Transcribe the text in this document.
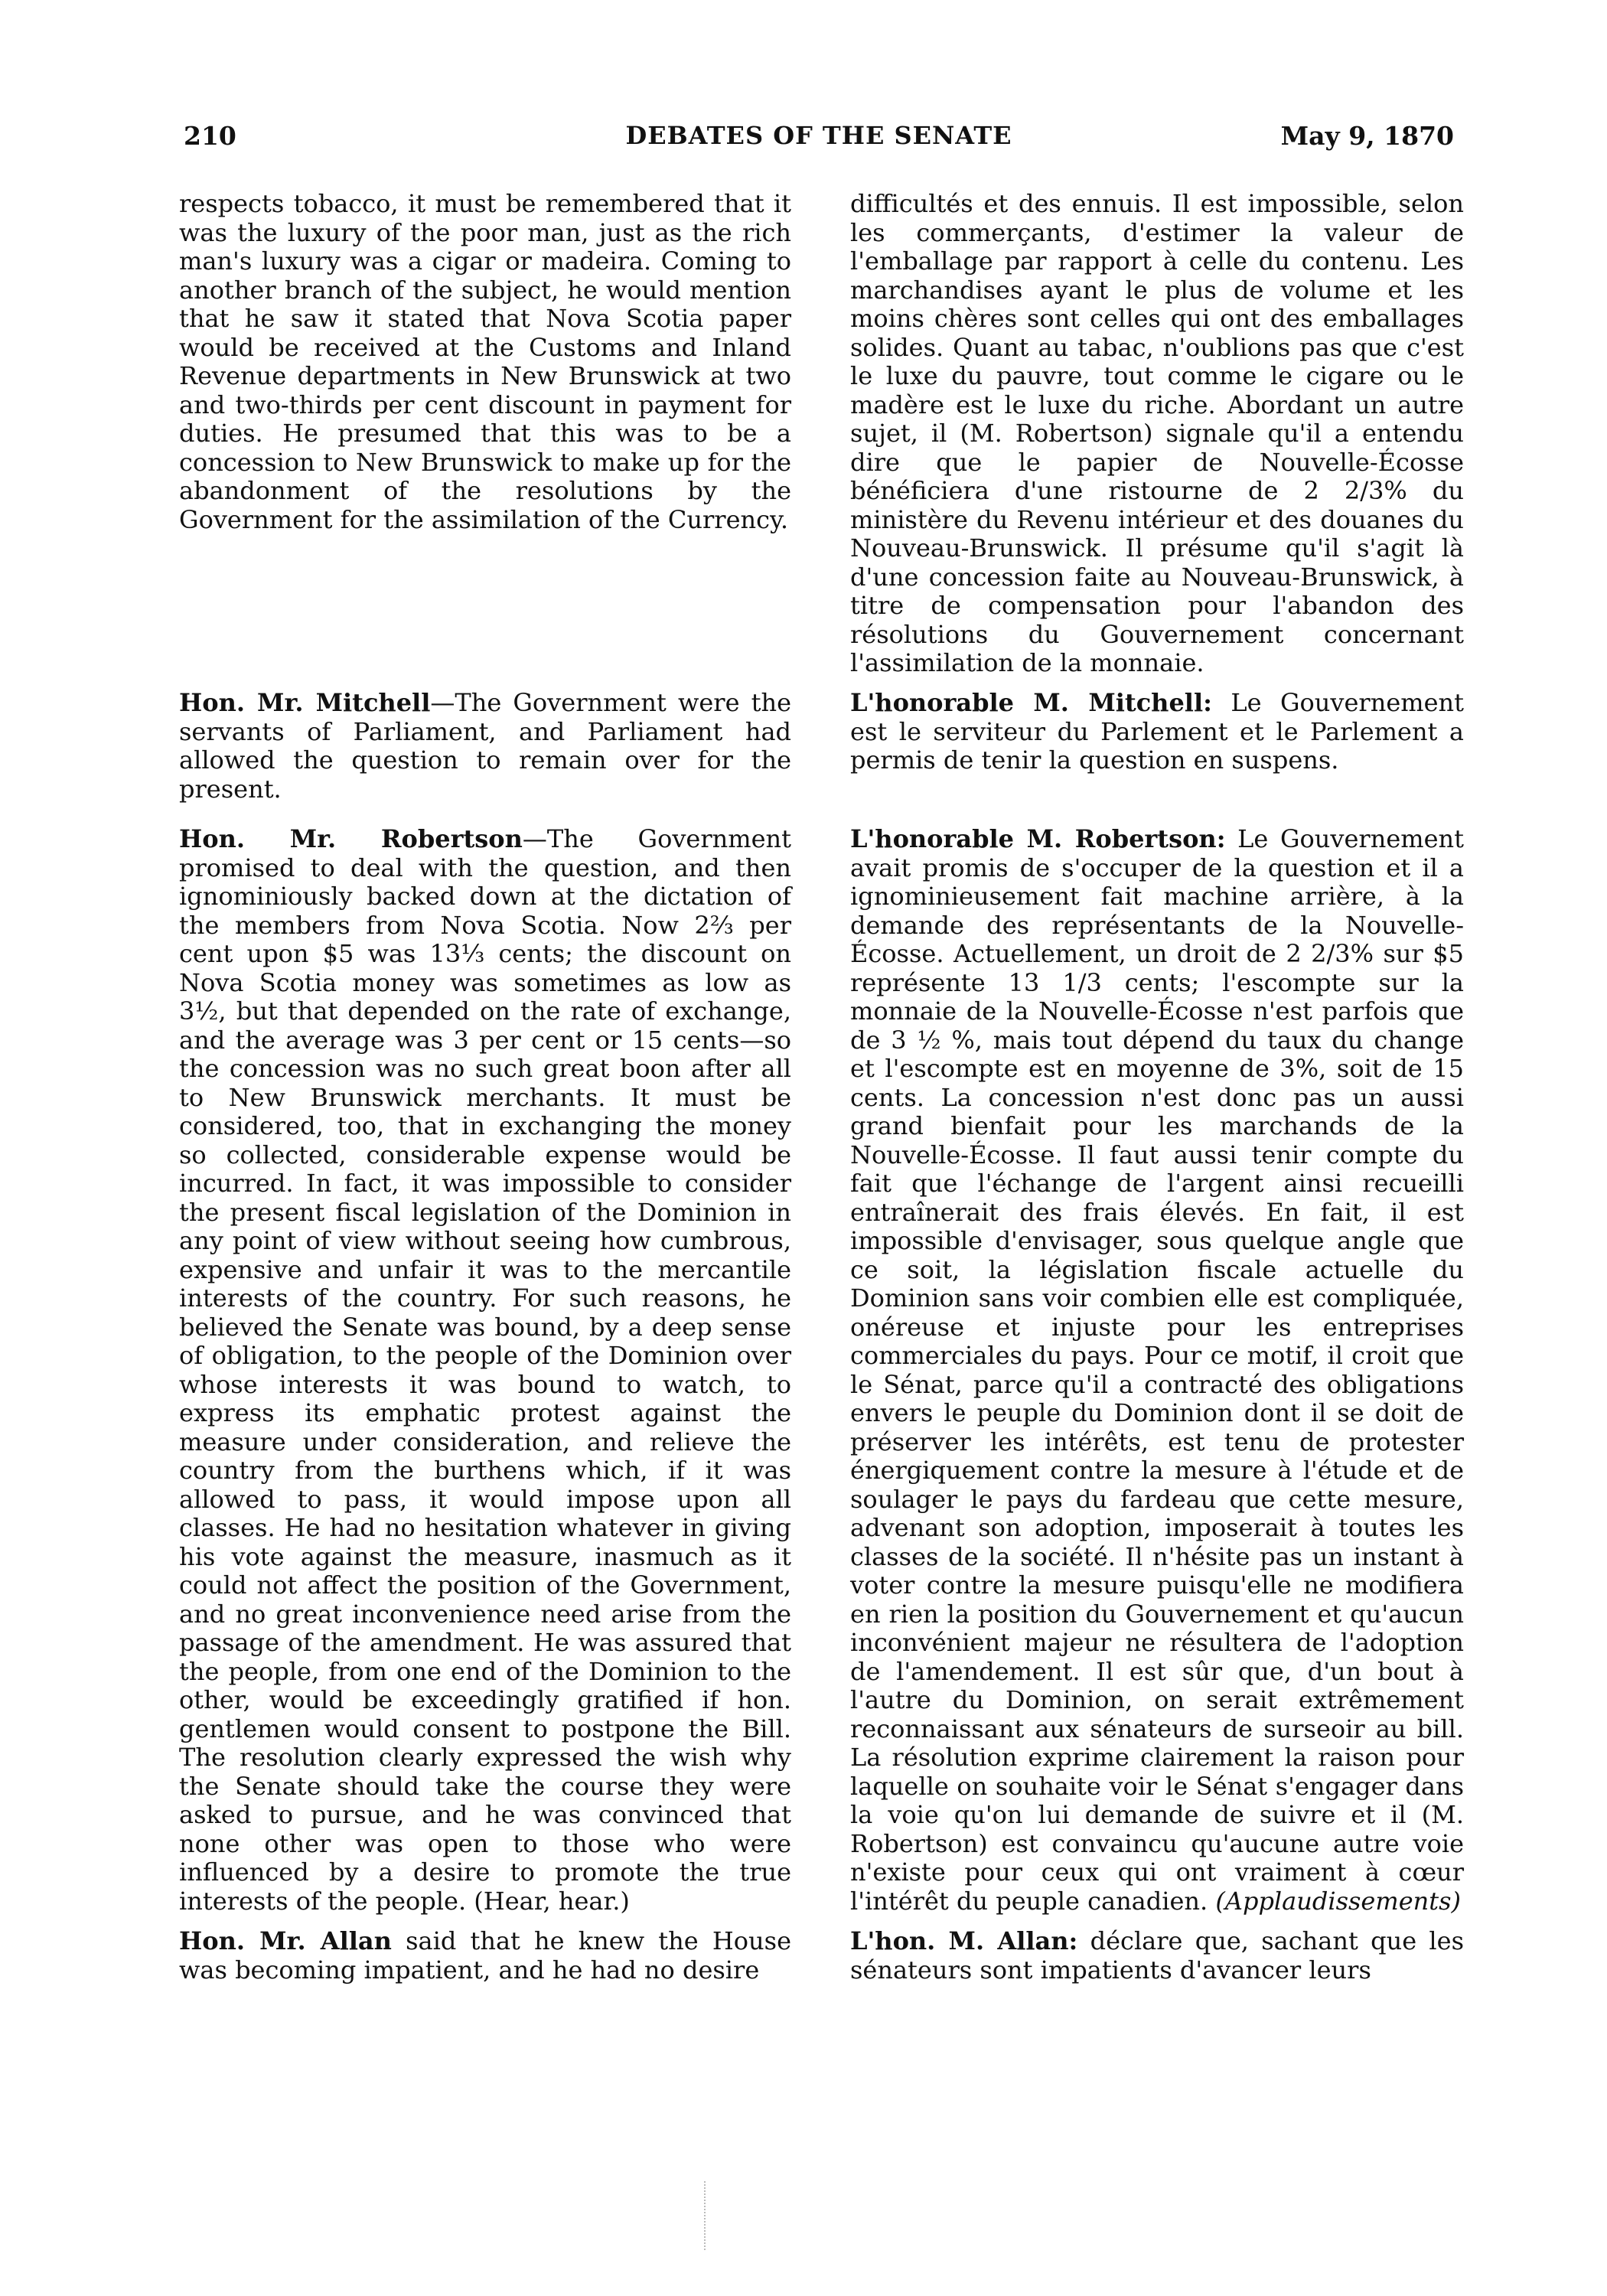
210	DEBATES OF THE SENATE	May 9, 1870

respects tobacco, it must be remembered that it was the luxury of the poor man, just as the rich man's luxury was a cigar or madeira. Coming to another branch of the subject, he would mention that he saw it stated that Nova Scotia paper would be received at the Customs and Inland Revenue departments in New Brunswick at two and two-thirds per cent discount in payment for duties. He presumed that this was to be a concession to New Brunswick to make up for the abandonment of the resolutions by the Government for the assimilation of the Currency.

Hon. Mr. Mitchell—The Government were the servants of Parliament, and Parliament had allowed the question to remain over for the present.

Hon. Mr. Robertson—The Government promised to deal with the question, and then ignominiously backed down at the dictation of the members from Nova Scotia. Now 2⅔ per cent upon $5 was 13⅓ cents; the discount on Nova Scotia money was sometimes as low as 3½, but that depended on the rate of exchange, and the average was 3 per cent or 15 cents—so the concession was no such great boon after all to New Brunswick merchants. It must be considered, too, that in exchanging the money so collected, considerable expense would be incurred. In fact, it was impossible to consider the present fiscal legislation of the Dominion in any point of view without seeing how cumbrous, expensive and unfair it was to the mercantile interests of the country. For such reasons, he believed the Senate was bound, by a deep sense of obligation, to the people of the Dominion over whose interests it was bound to watch, to express its emphatic protest against the measure under consideration, and relieve the country from the burthens which, if it was allowed to pass, it would impose upon all classes. He had no hesitation whatever in giving his vote against the measure, inasmuch as it could not affect the position of the Government, and no great inconvenience need arise from the passage of the amendment. He was assured that the people, from one end of the Dominion to the other, would be exceedingly gratified if hon. gentlemen would consent to postpone the Bill. The resolution clearly expressed the wish why the Senate should take the course they were asked to pursue, and he was convinced that none other was open to those who were influenced by a desire to promote the true interests of the people. (Hear, hear.)

Hon. Mr. Allan said that he knew the House was becoming impatient, and he had no desire

difficultés et des ennuis. Il est impossible, selon les commerçants, d'estimer la valeur de l'emballage par rapport à celle du contenu. Les marchandises ayant le plus de volume et les moins chères sont celles qui ont des emballages solides. Quant au tabac, n'oublions pas que c'est le luxe du pauvre, tout comme le cigare ou le madère est le luxe du riche. Abordant un autre sujet, il (M. Robertson) signale qu'il a entendu dire que le papier de Nouvelle-Écosse bénéficiera d'une ristourne de 2 2/3% du ministère du Revenu intérieur et des douanes du Nouveau-Brunswick. Il présume qu'il s'agit là d'une concession faite au Nouveau-Brunswick, à titre de compensation pour l'abandon des résolutions du Gouvernement concernant l'assimilation de la monnaie.

L'honorable M. Mitchell: Le Gouvernement est le serviteur du Parlement et le Parlement a permis de tenir la question en suspens.

L'honorable M. Robertson: Le Gouvernement avait promis de s'occuper de la question et il a ignominieusement fait machine arrière, à la demande des représentants de la Nouvelle-Écosse. Actuellement, un droit de 2 2/3% sur $5 représente 13 1/3 cents; l'escompte sur la monnaie de la Nouvelle-Écosse n'est parfois que de 3 ½ %, mais tout dépend du taux du change et l'escompte est en moyenne de 3%, soit de 15 cents. La concession n'est donc pas un aussi grand bienfait pour les marchands de la Nouvelle-Écosse. Il faut aussi tenir compte du fait que l'échange de l'argent ainsi recueilli entraînerait des frais élevés. En fait, il est impossible d'envisager, sous quelque angle que ce soit, la législation fiscale actuelle du Dominion sans voir combien elle est compliquée, onéreuse et injuste pour les entreprises commerciales du pays. Pour ce motif, il croit que le Sénat, parce qu'il a contracté des obligations envers le peuple du Dominion dont il se doit de préserver les intérêts, est tenu de protester énergiquement contre la mesure à l'étude et de soulager le pays du fardeau que cette mesure, advenant son adoption, imposerait à toutes les classes de la société. Il n'hésite pas un instant à voter contre la mesure puisqu'elle ne modifiera en rien la position du Gouvernement et qu'aucun inconvénient majeur ne résultera de l'adoption de l'amendement. Il est sûr que, d'un bout à l'autre du Dominion, on serait extrêmement reconnaissant aux sénateurs de surseoir au bill. La résolution exprime clairement la raison pour laquelle on souhaite voir le Sénat s'engager dans la voie qu'on lui demande de suivre et il (M. Robertson) est convaincu qu'aucune autre voie n'existe pour ceux qui ont vraiment à cœur l'intérêt du peuple canadien. (Applaudissements)

L'hon. M. Allan: déclare que, sachant que les sénateurs sont impatients d'avancer leurs
